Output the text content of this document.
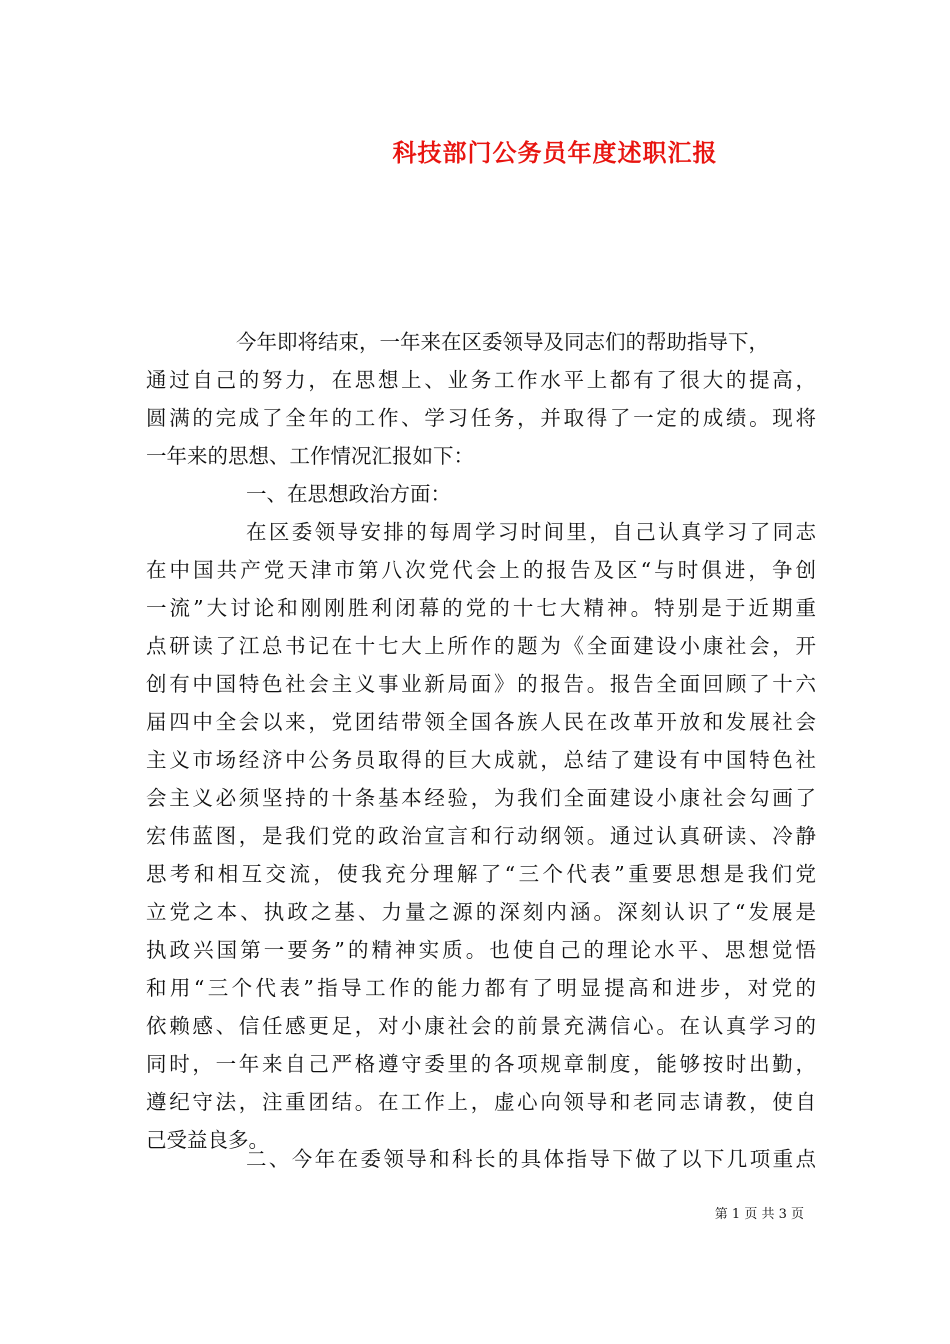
科技部门公务员年度述职汇报
今年即将结束，一年来在区委领导及同志们的帮助指导下，
通过自己的努力，在思想上、业务工作水平上都有了很大的提高，
圆满的完成了全年的工作、学习任务，并取得了一定的成绩。现将
一年来的思想、工作情况汇报如下：
一、在思想政治方面：
在区委领导安排的每周学习时间里，自己认真学习了同志
在中国共产党天津市第八次党代会上的报告及区“与时俱进，争创
一流”大讨论和刚刚胜利闭幕的党的十七大精神。特别是于近期重
点研读了江总书记在十七大上所作的题为《全面建设小康社会，开
创有中国特色社会主义事业新局面》的报告。报告全面回顾了十六
届四中全会以来，党团结带领全国各族人民在改革开放和发展社会
主义市场经济中公务员取得的巨大成就，总结了建设有中国特色社
会主义必须坚持的十条基本经验，为我们全面建设小康社会勾画了
宏伟蓝图，是我们党的政治宣言和行动纲领。通过认真研读、冷静
思考和相互交流，使我充分理解了“三个代表”重要思想是我们党
立党之本、执政之基、力量之源的深刻内涵。深刻认识了“发展是
执政兴国第一要务”的精神实质。也使自己的理论水平、思想觉悟
和用“三个代表”指导工作的能力都有了明显提高和进步，对党的
依赖感、信任感更足，对小康社会的前景充满信心。在认真学习的
同时，一年来自己严格遵守委里的各项规章制度，能够按时出勤，
遵纪守法，注重团结。在工作上，虚心向领导和老同志请教，使自
己受益良多。
二、今年在委领导和科长的具体指导下做了以下几项重点
第 1 页 共 3 页
